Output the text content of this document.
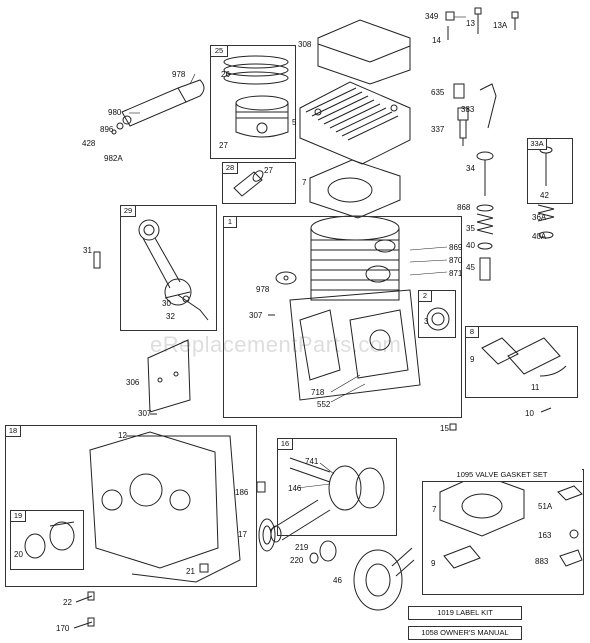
eReplacementParts.com
25
28
29
1
2
33A
8
18
19
16
1095 VALVE GASKET SET
1019 LABEL KIT
1058 OWNER'S MANUAL
349
13 13A
14
308
978
980
896
428
982A
26
27
5
635
383
337
27
7
34
42
868
35
36A
40
40A
45
31	869
870
871
978
30
32	307
3
9
11
306
718
552
307	10
15
12
741
146
186
7	51A
163
883
9
17
219
220
46
20
21
22
170
